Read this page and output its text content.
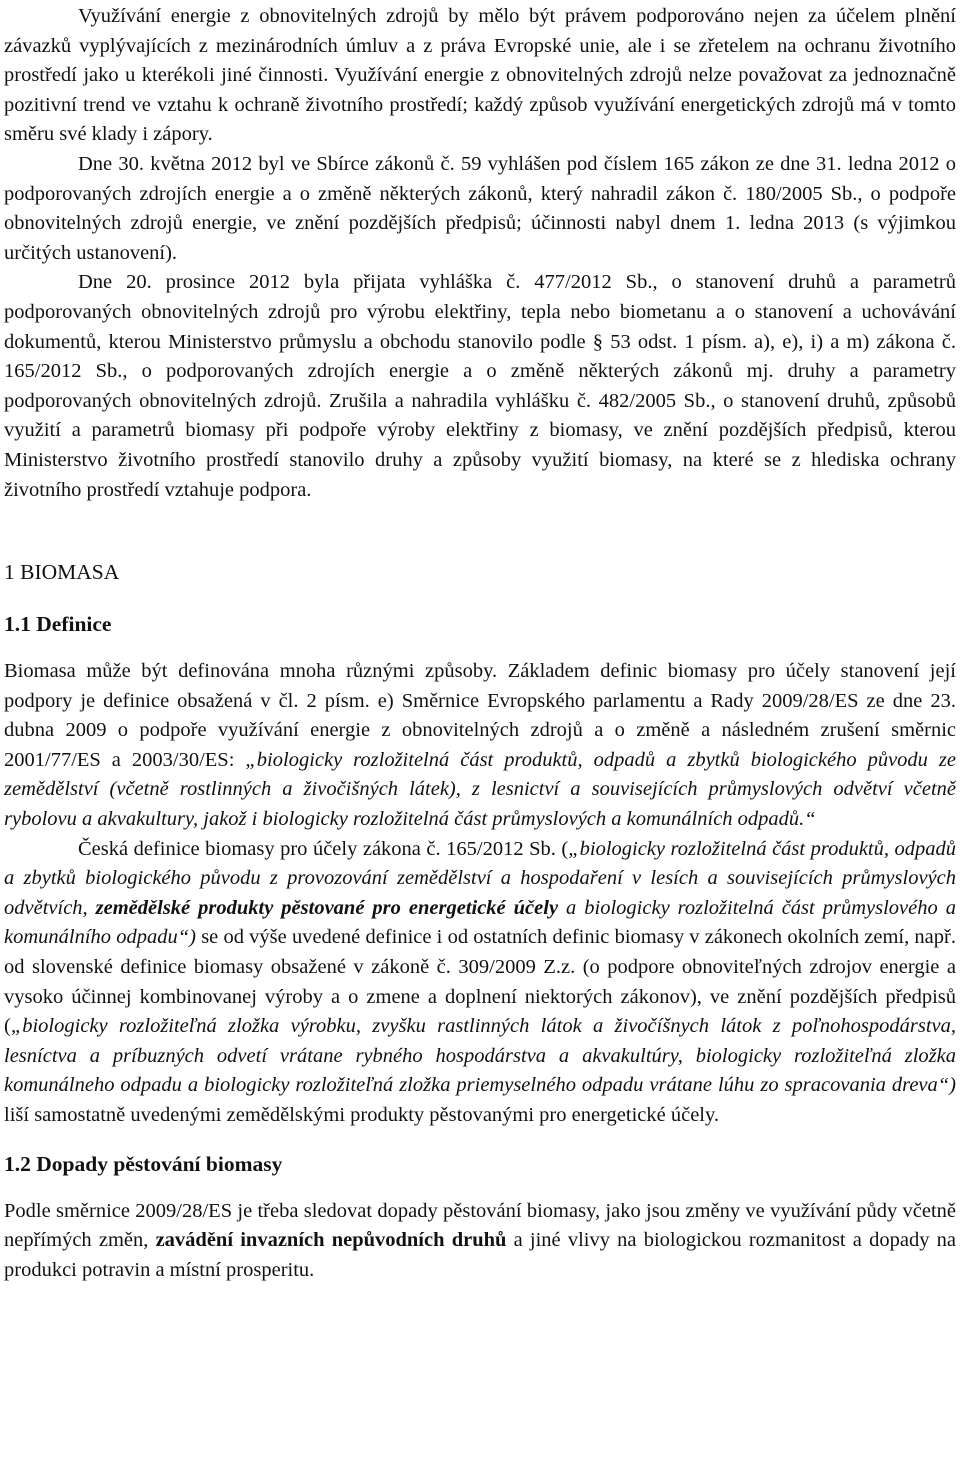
Využívání energie z obnovitelných zdrojů by mělo být právem podporováno nejen za účelem plnění závazků vyplývajících z mezinárodních úmluv a z práva Evropské unie, ale i se zřetelem na ochranu životního prostředí jako u kterékoli jiné činnosti. Využívání energie z obnovitelných zdrojů nelze považovat za jednoznačně pozitivní trend ve vztahu k ochraně životního prostředí; každý způsob využívání energetických zdrojů má v tomto směru své klady i zápory.

Dne 30. května 2012 byl ve Sbírce zákonů č. 59 vyhlášen pod číslem 165 zákon ze dne 31. ledna 2012 o podporovaných zdrojích energie a o změně některých zákonů, který nahradil zákon č. 180/2005 Sb., o podpoře obnovitelných zdrojů energie, ve znění pozdějších předpisů; účinnosti nabyl dnem 1. ledna 2013 (s výjimkou určitých ustanovení).

Dne 20. prosince 2012 byla přijata vyhláška č. 477/2012 Sb., o stanovení druhů a parametrů podporovaných obnovitelných zdrojů pro výrobu elektřiny, tepla nebo biometanu a o stanovení a uchovávání dokumentů, kterou Ministerstvo průmyslu a obchodu stanovilo podle § 53 odst. 1 písm. a), e), i) a m) zákona č. 165/2012 Sb., o podporovaných zdrojích energie a o změně některých zákonů mj. druhy a parametry podporovaných obnovitelných zdrojů. Zrušila a nahradila vyhlášku č. 482/2005 Sb., o stanovení druhů, způsobů využití a parametrů biomasy při podpoře výroby elektřiny z biomasy, ve znění pozdějších předpisů, kterou Ministerstvo životního prostředí stanovilo druhy a způsoby využití biomasy, na které se z hlediska ochrany životního prostředí vztahuje podpora.

1 BIOMASA
1.1 Definice

Biomasa může být definována mnoha různými způsoby. Základem definic biomasy pro účely stanovení její podpory je definice obsažená v čl. 2 písm. e) Směrnice Evropského parlamentu a Rady 2009/28/ES ze dne 23. dubna 2009 o podpoře využívání energie z obnovitelných zdrojů a o změně a následném zrušení směrnic 2001/77/ES a 2003/30/ES: „biologicky rozložitelná část produktů, odpadů a zbytků biologického původu ze zemědělství (včetně rostlinných a živočišných látek), z lesnictví a souvisejících průmyslových odvětví včetně rybolovu a akvakultury, jakož i biologicky rozložitelná část průmyslových a komunálních odpadů.“

Česká definice biomasy pro účely zákona č. 165/2012 Sb. („biologicky rozložitelná část produktů, odpadů a zbytků biologického původu z provozování zemědělství a hospodaření v lesích a souvisejících průmyslových odvětvích, zemědělské produkty pěstované pro energetické účely a biologicky rozložitelná část průmyslového a komunálního odpadu“) se od výše uvedené definice i od ostatních definic biomasy v zákonech okolních zemí, např. od slovenské definice biomasy obsažené v zákoně č. 309/2009 Z.z. (o podpore obnoviteľných zdrojov energie a vysoko účinnej kombinovanej výroby a o zmene a doplnení niektorých zákonov), ve znění pozdějších předpisů („biologicky rozložiteľná zložka výrobku, zvyšku rastlinných látok a živočíšnych látok z poľnohospodárstva, lesníctva a príbuzných odvetí vrátane rybného hospodárstva a akvakultúry, biologicky rozložiteľná zložka komunálneho odpadu a biologicky rozložiteľná zložka priemyselného odpadu vrátane lúhu zo spracovania dreva“) liší samostatně uvedenými zemědělskými produkty pěstovanými pro energetické účely.

1.2 Dopady pěstování biomasy

Podle směrnice 2009/28/ES je třeba sledovat dopady pěstování biomasy, jako jsou změny ve využívání půdy včetně nepřímých změn, zavádění invazních nepůvodních druhů a jiné vlivy na biologickou rozmanitost a dopady na produkci potravin a místní prosperitu.
